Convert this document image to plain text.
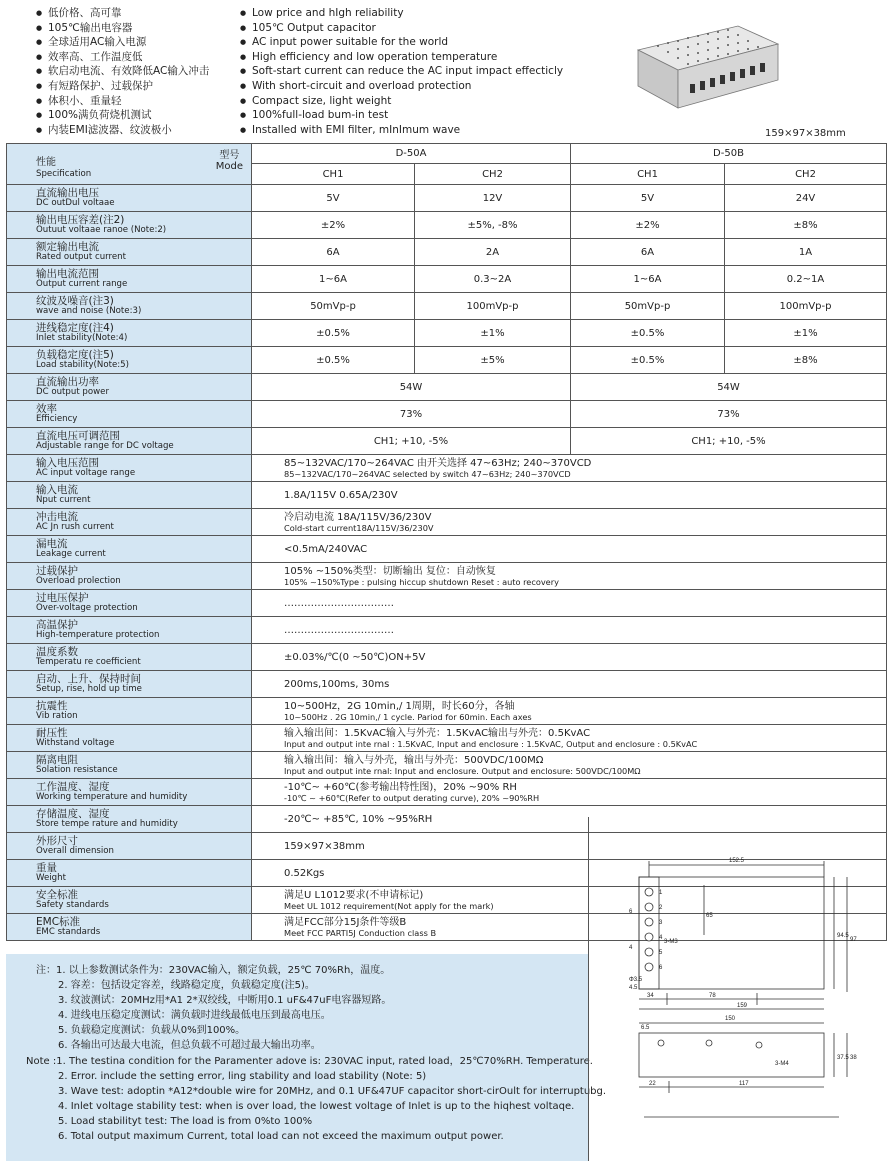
● 低价格、高可靠
● 105℃输出电容器
● 全球适用AC输入电源
● 效率高、工作温度低
● 软启动电流、有效降低AC输入冲击
● 有短路保护、过载保护
● 体积小、重量轻
● 100%满负荷烧机测试
● 内装EMI滤波器、纹波极小
● Low price and hIgh reliability
● 105℃ Output capacitor
● AC input power suitable for the world
● High efficiency and low operation temperature
● Soft-start current can reduce the AC input impact effecticly
● With short-circuit and overload protection
● Compact size, light weight
● 100%full-load bum-in test
● Installed with EMI filter, mInImum wave	159×97×38mm
型号
Mode
性能
Specification	D-50A		D-50B	
	CH1	CH2	CH1	CH2

直流输出电压
DC outDul voltaae	5V	12V	5V	24V

输出电压容差(注2)
Outuut voltaae ranoe (Note:2)	±2%	±5%, -8%	±2%	±8%

额定输出电流
Rated output current	6A	2A	6A	1A

输出电流范围
Output current range	1~6A	0.3~2A	1~6A	0.2~1A

纹波及噪音(注3)
wave and noise (Note:3)	50mVp-p	100mVp-p	50mVp-p	100mVp-p

进线稳定度(注4)
Inlet stability(Note:4)	±0.5%	±1%	±0.5%	±1%

负载稳定度(注5)
Load stability(Note:5)	±0.5%	±5%	±0.5%	±8%

直流输出功率
DC output power	54W		54W	

效率
Efficiency	73%		73%	

直流电压可调范围
Adjustable range for DC voltage	CH1; +10, -5%		CH1; +10, -5%	

输入电压范围
AC input voltage range	85~132VAC/170~264VAC 由开关选择 47~63Hz; 240~370VCD
85~132VAC/170~264VAC selected by switch 47~63Hz; 240~370VCD			

输入电流
Nput current	1.8A/115V 0.65A/230V			

冲击电流
AC Jn rush current	冷启动电流 18A/115V/36/230V
Cold-start current18A/115V/36/230V			

漏电流
Leakage current	<0.5mA/240VAC			

过载保护
Overload prolection	105% ~150%类型：切断输出 复位：自动恢复
105% ~150%Type : pulsing hiccup shutdown Reset : auto recovery			

过电压保护
Over-voltage protection	……………………………			

高温保护
High-temperature protection	……………………………			

温度系数
Temperatu re coefficient	±0.03%/℃(0 ~50℃)ON+5V			

启动、上升、保持时间
Setup, rise, hold up time	200ms,100ms, 30ms			

抗震性
Vib ration	10~500Hz，2G 10min,/ 1周期，时长60分，各轴
10~500Hz . 2G 10min,/ 1 cycle. Pariod for 60min. Each axes			

耐压性
Withstand voltage	输入输出间：1.5KvAC输入与外壳：1.5KvAC输出与外壳：0.5KvAC
Input and output inte rnal : 1.5KvAC, Input and enclosure : 1.5KvAC, Output and enclosure : 0.5KvAC			

隔离电阻
Solation resistance	输入输出间：输入与外壳，输出与外壳：500VDC/100MΩ
Input and output inte rnal: Input and enclosure. Output and enclosure: 500VDC/100MΩ			

工作温度、湿度
Working temperature and humidity	-10℃~ +60℃(参考输出特性图)，20% ~90% RH
-10℃ ~ +60℃(Refer to output derating curve), 20% ~90%RH			

存储温度、湿度
Store tempe rature and humidity	-20℃~ +85℃, 10% ~95%RH			

外形尺寸
Overall dimension	159×97×38mm			

重量
Weight	0.52Kgs			

安全标准
Safety standards	满足U L1012要求(不申请标记)
Meet UL 1012 requirement(Not apply for the mark)			

EMC标准
EMC standards	满足FCC部分15J条件等级B
Meet FCC PARTI5J Conduction class B			
注：1. 以上参数测试条件为：230VAC输入，额定负载，25℃ 70%Rh，温度。
2. 容差：包括设定容差，线路稳定度，负载稳定度(注5)。
3. 纹波测试：20MHz用*A1 2*双绞线，中断用0.1 uF&47uF电容器短路。
4. 进线电压稳定度测试：满负载时进线最低电压到最高电压。
5. 负载稳定度测试：负载从0%到100%。
6. 各输出可达最大电流，但总负载不可超过最大输出功率。
Note :1. The testina condition for the Paramenter adove is: 230VAC input, rated load，25℃70%RH. Temperature.
2. Error. include the setting error, ling stability and load stability (Note: 5)
3. Wave test: adoptin *A12*double wire for 20MHz, and 0.1 UF&47UF capacitor short-cirOult for interruptubg.
4. Inlet voltage stability test: when is over load, the lowest voltage of Inlet is up to the hiqhest voltaqe.
5. Load stabilityt test: The load is from 0%to 100%
6. Total output maximum Current, total load can not exceed the maximum output power.
152.5
65
94.5
97
6
4
78
159
34
3-M3
Φ3.5
4.5
150
6.5
22	117
37.5 38
3-M4
1
2
3
4
5
6
